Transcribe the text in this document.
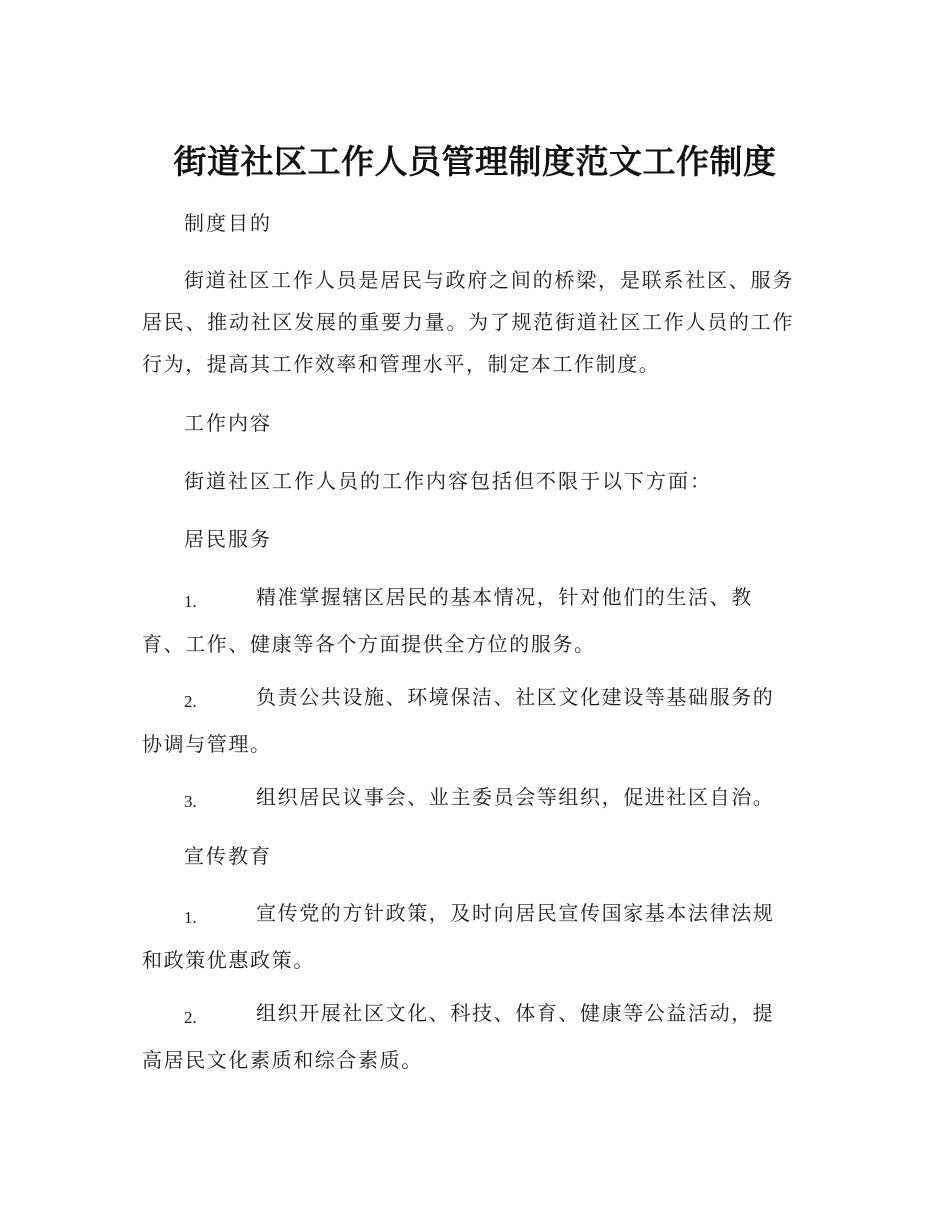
街道社区工作人员管理制度范文工作制度

制度目的

街道社区工作人员是居民与政府之间的桥梁，是联系社区、服务居民、推动社区发展的重要力量。为了规范街道社区工作人员的工作行为，提高其工作效率和管理水平，制定本工作制度。

工作内容

街道社区工作人员的工作内容包括但不限于以下方面：

居民服务

1.	精准掌握辖区居民的基本情况，针对他们的生活、教育、工作、健康等各个方面提供全方位的服务。

2.	负责公共设施、环境保洁、社区文化建设等基础服务的协调与管理。

3.	组织居民议事会、业主委员会等组织，促进社区自治。

宣传教育

1.	宣传党的方针政策，及时向居民宣传国家基本法律法规和政策优惠政策。

2.	组织开展社区文化、科技、体育、健康等公益活动，提高居民文化素质和综合素质。
